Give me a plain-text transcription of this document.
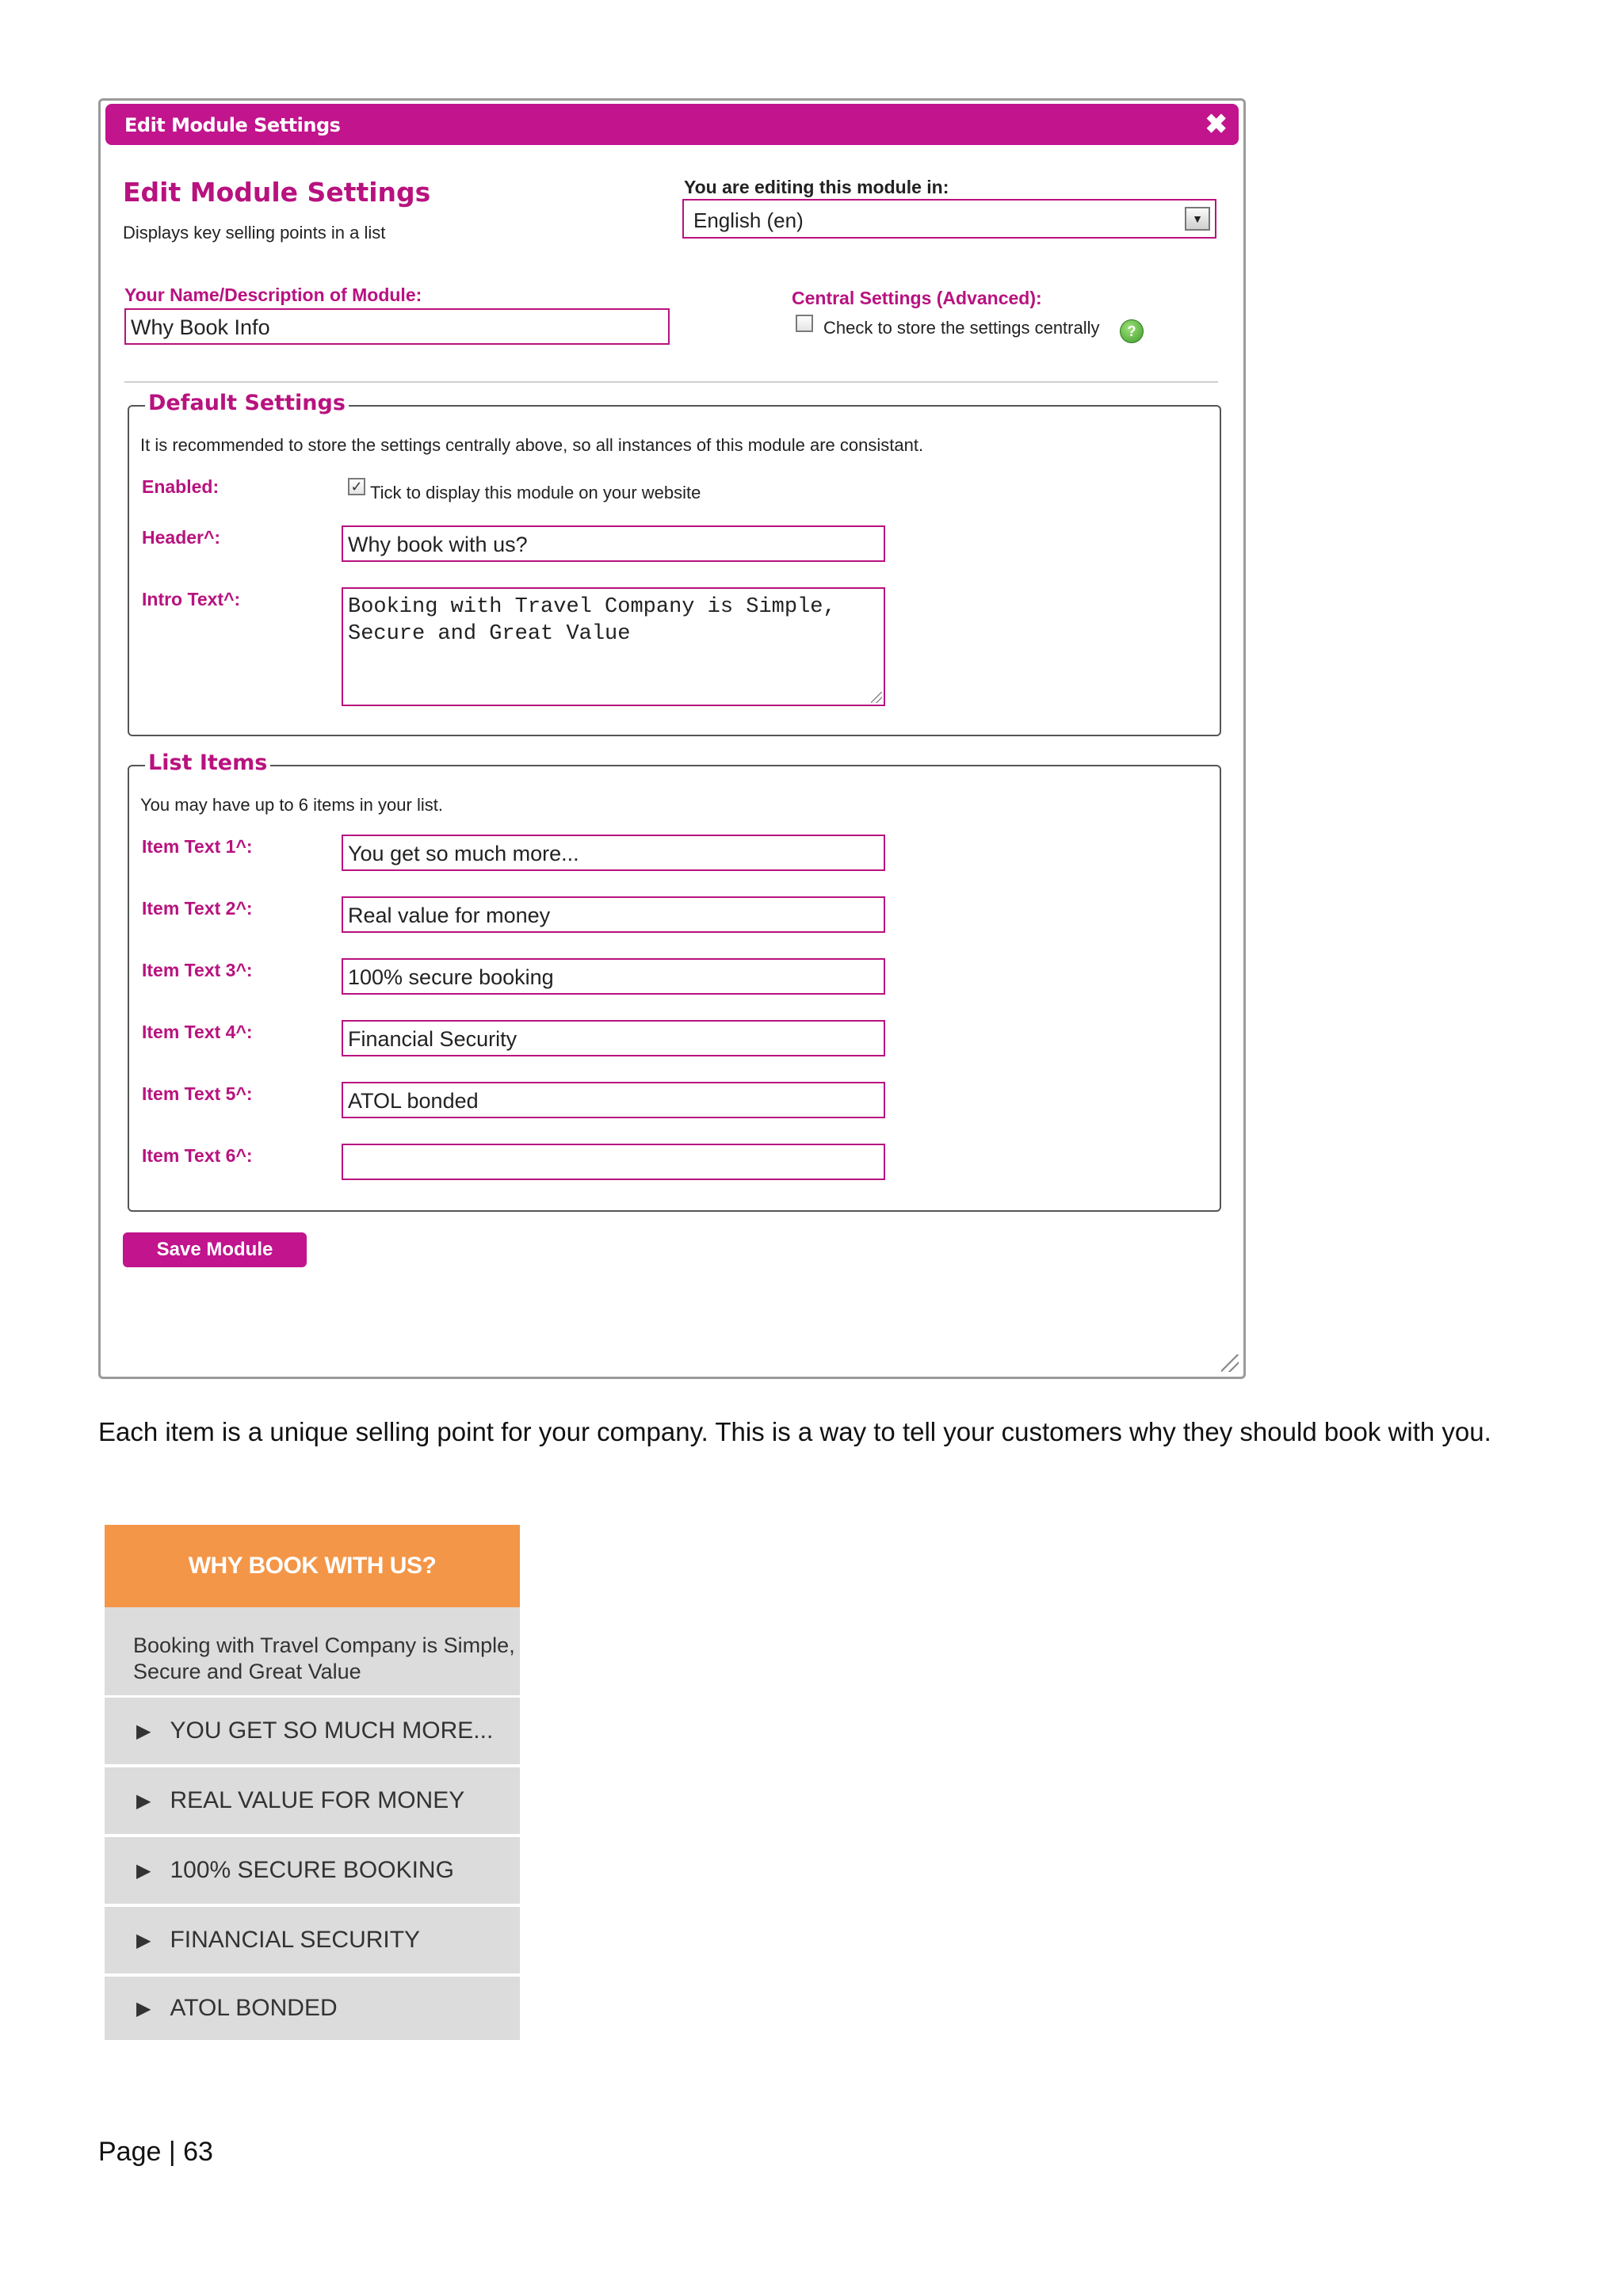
Edit Module Settings	✖
Edit Module Settings
Displays key selling points in a list
You are editing this module in:
English (en)	▼
Your Name/Description of Module:
Why Book Info
Central Settings (Advanced):
Check to store the settings centrally	?
Default Settings
It is recommended to store the settings centrally above, so all instances of this module are consistant.
Enabled:	✓ Tick to display this module on your website
Header^:	Why book with us?
Intro Text^:	Booking with Travel Company is Simple, Secure and Great Value
List Items
You may have up to 6 items in your list.
Item Text 1^:	You get so much more...
Item Text 2^:	Real value for money
Item Text 3^:	100% secure booking
Item Text 4^:	Financial Security
Item Text 5^:	ATOL bonded
Item Text 6^:
Save Module
Each item is a unique selling point for your company. This is a way to tell your customers why they should book with you.
WHY BOOK WITH US?
Booking with Travel Company is Simple, Secure and Great Value
▶ YOU GET SO MUCH MORE...
▶ REAL VALUE FOR MONEY
▶ 100% SECURE BOOKING
▶ FINANCIAL SECURITY
▶ ATOL BONDED
Page | 63
